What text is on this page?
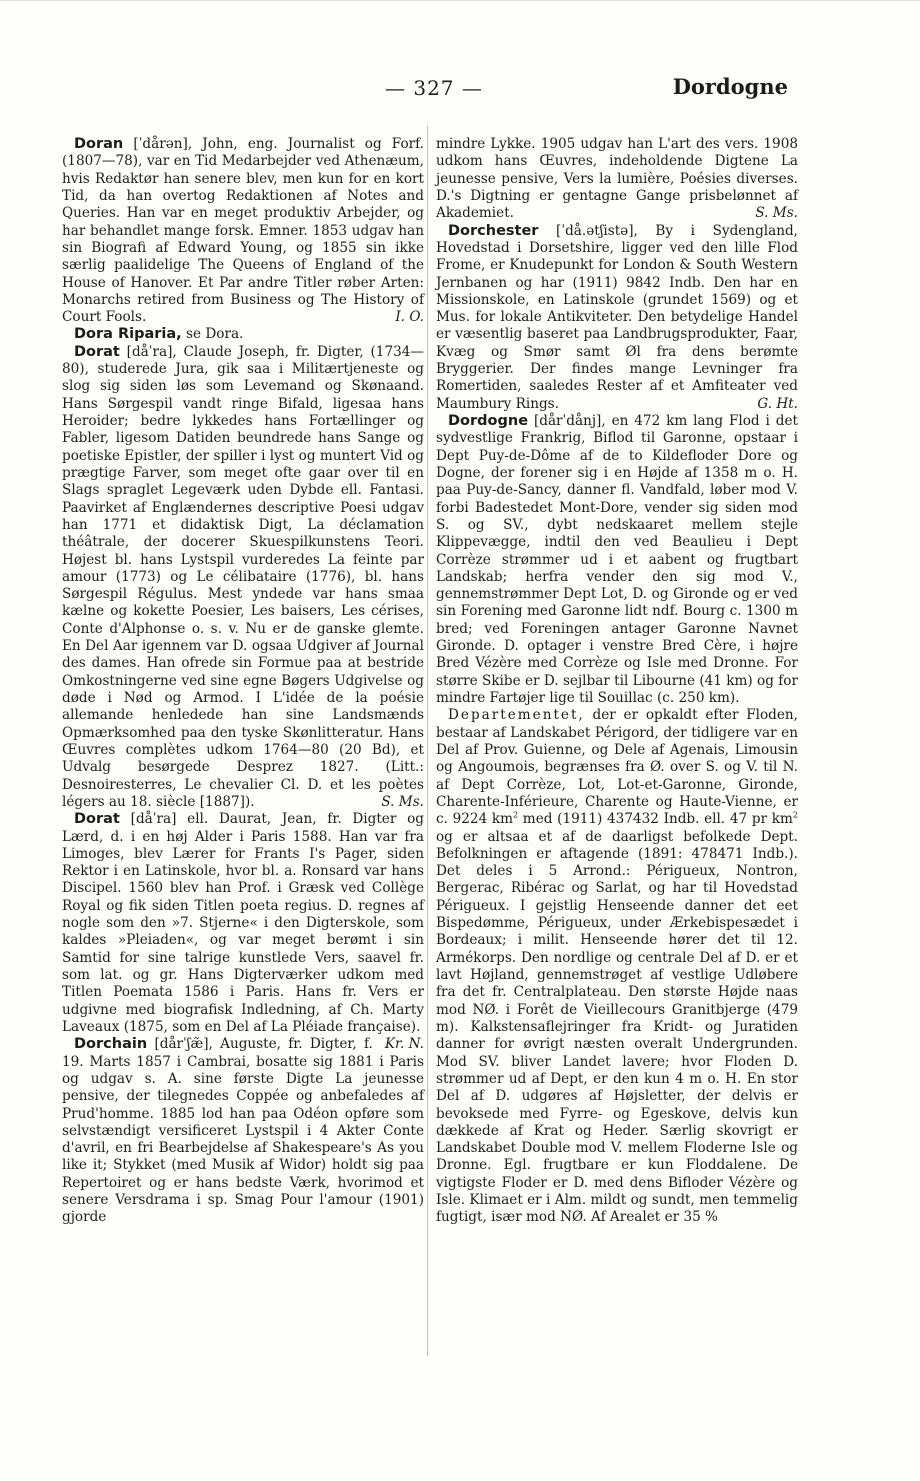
— 327 —	Dordogne

Doran [ˈdårən], John, eng. Journalist og Forf. (1807—78), var en Tid Medarbejder ved Athenæum, hvis Redaktør han senere blev, men kun for en kort Tid, da han overtog Redaktionen af Notes and Queries. Han var en meget produktiv Arbejder, og har behandlet mange forsk. Emner. 1853 udgav han sin Biografi af Edward Young, og 1855 sin ikke særlig paalidelige The Queens of England of the House of Hanover. Et Par andre Titler røber Arten: Monarchs retired from Business og The History of Court Fools.	I. O.

Dora Riparia, se Dora.

Dorat [dåˈra], Claude Joseph, fr. Digter, (1734—80), studerede Jura, gik saa i Militærtjeneste og slog sig siden løs som Levemand og Skønaand. Hans Sørgespil vandt ringe Bifald, ligesaa hans Heroider; bedre lykkedes hans Fortællinger og Fabler, ligesom Datiden beundrede hans Sange og poetiske Epistler, der spiller i lyst og muntert Vid og prægtige Farver, som meget ofte gaar over til en Slags spraglet Legeværk uden Dybde ell. Fantasi. Paavirket af Englændernes descriptive Poesi udgav han 1771 et didaktisk Digt, La déclamation théâtrale, der docerer Skuespilkunstens Teori. Højest bl. hans Lystspil vurderedes La feinte par amour (1773) og Le célibataire (1776), bl. hans Sørgespil Régulus. Mest yndede var hans smaa kælne og kokette Poesier, Les baisers, Les cérises, Conte d'Alphonse o. s. v. Nu er de ganske glemte. En Del Aar igennem var D. ogsaa Udgiver af Journal des dames. Han ofrede sin Formue paa at bestride Omkostningerne ved sine egne Bøgers Udgivelse og døde i Nød og Armod. I L'idée de la poésie allemande henledede han sine Landsmænds Opmærksomhed paa den tyske Skønlitteratur. Hans Œuvres complètes udkom 1764—80 (20 Bd), et Udvalg besørgede Desprez 1827. (Litt.: Desnoiresterres, Le chevalier Cl. D. et les poètes légers au 18. siècle [1887]).	S. Ms.

Dorat [dåˈra] ell. Daurat, Jean, fr. Digter og Lærd, d. i en høj Alder i Paris 1588. Han var fra Limoges, blev Lærer for Frants I's Pager, siden Rektor i en Latinskole, hvor bl. a. Ronsard var hans Discipel. 1560 blev han Prof. i Græsk ved Collège Royal og fik siden Titlen poeta regius. D. regnes af nogle som den »7. Stjerne« i den Digterskole, som kaldes »Pleiaden«, og var meget berømt i sin Samtid for sine talrige kunstlede Vers, saavel fr. som lat. og gr. Hans Digterværker udkom med Titlen Poemata 1586 i Paris. Hans fr. Vers er udgivne med biografisk Indledning, af Ch. Marty Laveaux (1875, som en Del af La Pléiade française).
Kr. N.

Dorchain [dårˈʃæ̃], Auguste, fr. Digter, f. 19. Marts 1857 i Cambrai, bosatte sig 1881 i Paris og udgav s. A. sine første Digte La jeunesse pensive, der tilegnedes Coppée og anbefaledes af Prud'homme. 1885 lod han paa Odéon opføre som selvstændigt versificeret Lystspil i 4 Akter Conte d'avril, en fri Bearbejdelse af Shakespeare's As you like it; Stykket (med Musik af Widor) holdt sig paa Repertoiret og er hans bedste Værk, hvorimod et senere Versdrama i sp. Smag Pour l'amour (1901) gjorde

mindre Lykke. 1905 udgav han L'art des vers. 1908 udkom hans Œuvres, indeholdende Digtene La jeunesse pensive, Vers la lumière, Poésies diverses. D.'s Digtning er gentagne Gange prisbelønnet af Akademiet.	S. Ms.

Dorchester [ˈdå.ətʃistə], By i Sydengland, Hovedstad i Dorsetshire, ligger ved den lille Flod Frome, er Knudepunkt for London & South Western Jernbanen og har (1911) 9842 Indb. Den har en Missionskole, en Latinskole (grundet 1569) og et Mus. for lokale Antikviteter. Den betydelige Handel er væsentlig baseret paa Landbrugsprodukter, Faar, Kvæg og Smør samt Øl fra dens berømte Bryggerier. Der findes mange Levninger fra Romertiden, saaledes Rester af et Amfiteater ved Maumbury Rings.	G. Ht.

Dordogne [dårˈdånj], en 472 km lang Flod i det sydvestlige Frankrig, Biflod til Garonne, opstaar i Dept Puy-de-Dôme af de to Kildefloder Dore og Dogne, der forener sig i en Højde af 1358 m o. H. paa Puy-de-Sancy, danner fl. Vandfald, løber mod V. forbi Badestedet Mont-Dore, vender sig siden mod S. og SV., dybt nedskaaret mellem stejle Klippevægge, indtil den ved Beaulieu i Dept Corrèze strømmer ud i et aabent og frugtbart Landskab; herfra vender den sig mod V., gennemstrømmer Dept Lot, D. og Gironde og er ved sin Forening med Garonne lidt ndf. Bourg c. 1300 m bred; ved Foreningen antager Garonne Navnet Gironde. D. optager i venstre Bred Cère, i højre Bred Vézère med Corrèze og Isle med Dronne. For større Skibe er D. sejlbar til Libourne (41 km) og for mindre Fartøjer lige til Souillac (c. 250 km).

Departementet, der er opkaldt efter Floden, bestaar af Landskabet Périgord, der tidligere var en Del af Prov. Guienne, og Dele af Agenais, Limousin og Angoumois, begrænses fra Ø. over S. og V. til N. af Dept Corrèze, Lot, Lot-et-Garonne, Gironde, Charente-Inférieure, Charente og Haute-Vienne, er c. 9224 $km^2$ med (1911) 437432 Indb. ell. 47 pr $km^2$ og er altsaa et af de daarligst befolkede Dept. Befolkningen er aftagende (1891: 478471 Indb.). Det deles i 5 Arrond.: Périgueux, Nontron, Bergerac, Ribérac og Sarlat, og har til Hovedstad Périgueux. I gejstlig Henseende danner det eet Bispedømme, Périgueux, under Ærkebispesædet i Bordeaux; i milit. Henseende hører det til 12. Armékorps. Den nordlige og centrale Del af D. er et lavt Højland, gennemstrøget af vestlige Udløbere fra det fr. Centralplateau. Den største Højde naas mod NØ. i Forêt de Vieillecours Granitbjerge (479 m). Kalkstensaflejringer fra Kridt- og Juratiden danner for øvrigt næsten overalt Undergrunden. Mod SV. bliver Landet lavere; hvor Floden D. strømmer ud af Dept, er den kun 4 m o. H. En stor Del af D. udgøres af Højsletter, der delvis er bevoksede med Fyrre- og Egeskove, delvis kun dækkede af Krat og Heder. Særlig skovrigt er Landskabet Double mod V. mellem Floderne Isle og Dronne. Egl. frugtbare er kun Floddalene. De vigtigste Floder er D. med dens Bifloder Vézère og Isle. Klimaet er i Alm. mildt og sundt, men temmelig fugtigt, især mod NØ. Af Arealet er 35 %
